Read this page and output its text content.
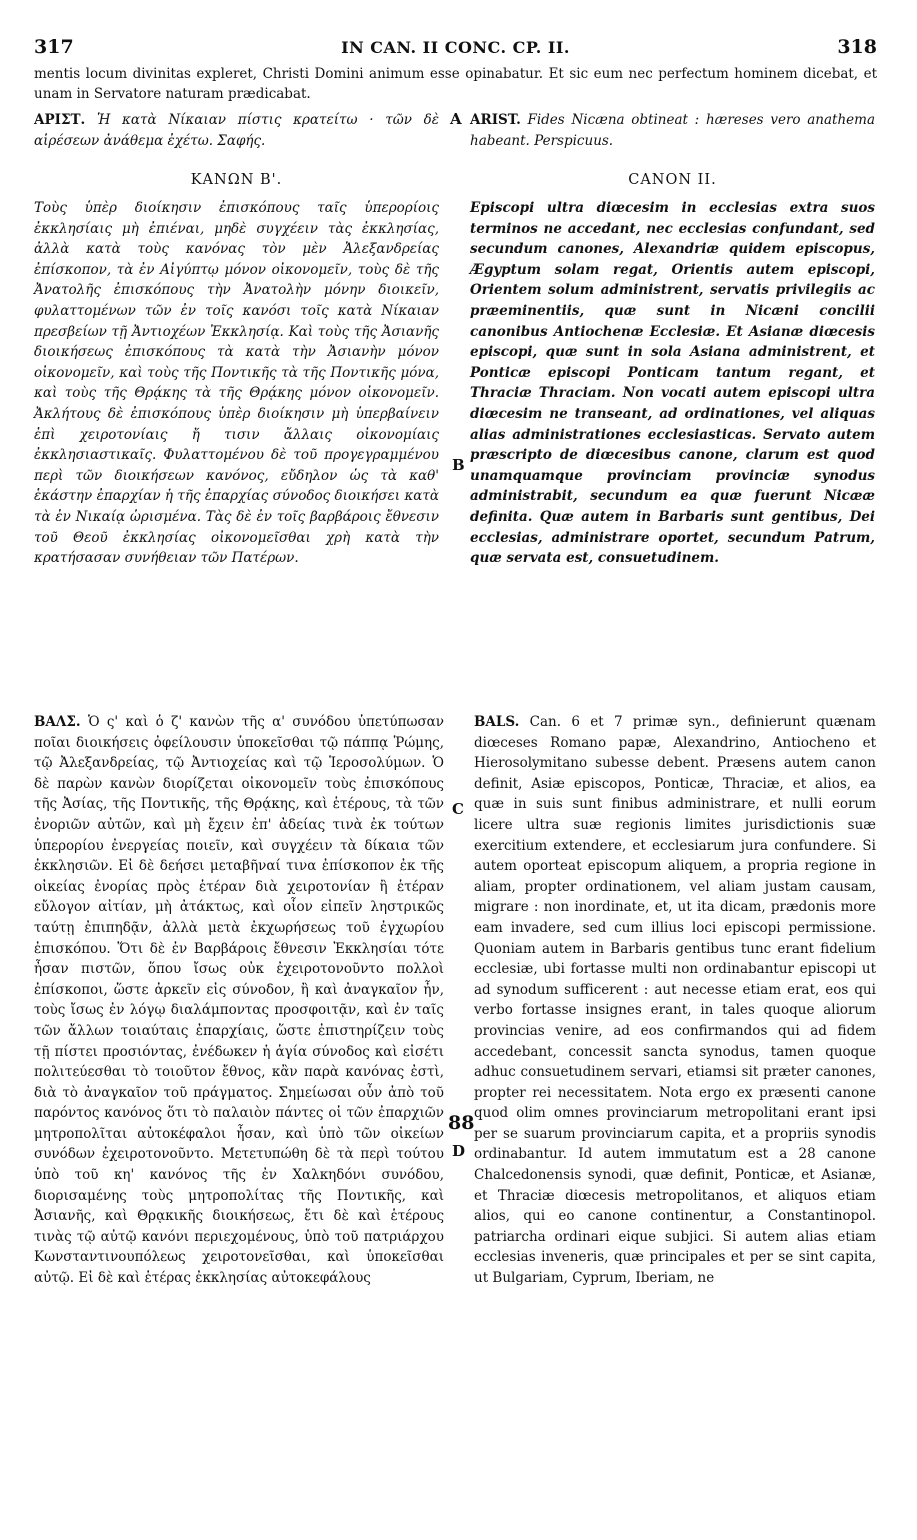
317	IN CAN. II CONC. CP. II.	318
mentis locum divinitas expleret, Christi Domini animum esse opinabatur. Et sic eum nec perfectum hominem dicebat, et unam in Servatore naturam prædicabat.
ΑΡΙΣΤ. Ἡ κατὰ Νίκαιαν πίστις κρατείτω · τῶν δὲ αἱρέσεων ἀνάθεμα ἐχέτω. Σαφής.
ARIST. Fides Nicæna obtineat : hæreses vero anathema habeant. Perspicuus.
ΚΑΝΩΝ Β'.	CANON II.
Τοὺς ὑπὲρ διοίκησιν ἐπισκόπους ταῖς ὑπερορίοις ἐκκλησίαις μὴ ἐπιέναι, μηδὲ συγχέειν τὰς ἐκκλησίας, ἀλλὰ κατὰ τοὺς κανόνας τὸν μὲν Ἀλεξανδρείας ἐπίσκοπον, τὰ ἐν Αἰγύπτῳ μόνον οἰκονομεῖν, τοὺς δὲ τῆς Ἀνατολῆς ἐπισκόπους τὴν Ἀνατολὴν μόνην διοικεῖν, φυλαττομένων τῶν ἐν τοῖς κανόσι τοῖς κατὰ Νίκαιαν πρεσβείων τῇ Ἀντιοχέων Ἐκκλησίᾳ. Καὶ τοὺς τῆς Ἀσιανῆς διοικήσεως ἐπισκόπους τὰ κατὰ τὴν Ἀσιανὴν μόνον οἰκονομεῖν, καὶ τοὺς τῆς Ποντικῆς τὰ τῆς Ποντικῆς μόνα, καὶ τοὺς τῆς Θρᾴκης τὰ τῆς Θρᾴκης μόνον οἰκονομεῖν. Ἀκλήτους δὲ ἐπισκόπους ὑπὲρ διοίκησιν μὴ ὑπερβαίνειν ἐπὶ χειροτονίαις ἤ τισιν ἄλλαις οἰκονομίαις ἐκκλησιαστικαῖς. Φυλαττομένου δὲ τοῦ προγεγραμμένου περὶ τῶν διοικήσεων κανόνος, εὔδηλον ὡς τὰ καθ' ἑκάστην ἐπαρχίαν ἡ τῆς ἐπαρχίας σύνοδος διοικήσει κατὰ τὰ ἐν Νικαίᾳ ὡρισμένα. Τὰς δὲ ἐν τοῖς βαρβάροις ἔθνεσιν τοῦ Θεοῦ ἐκκλησίας οἰκονομεῖσθαι χρὴ κατὰ τὴν κρατήσασαν συνήθειαν τῶν Πατέρων.
Episcopi ultra diœcesim in ecclesias extra suos terminos ne accedant, nec ecclesias confundant, sed secundum canones, Alexandriæ quidem episcopus, Ægyptum solam regat, Orientis autem episcopi, Orientem solum administrent, servatis privilegiis ac præeminentiis, quæ sunt in Nicæni concilii canonibus Antiochenæ Ecclesiæ. Et Asianæ diœcesis episcopi, quæ sunt in sola Asiana administrent, et Ponticæ episcopi Ponticam tantum regant, et Thraciæ Thraciam. Non vocati autem episcopi ultra diœcesim ne transeant, ad ordinationes, vel aliquas alias administrationes ecclesiasticas. Servato autem præscripto de diœcesibus canone, clarum est quod unamquamque provinciam provinciæ synodus administrabit, secundum ea quæ fuerunt Nicææ definita. Quæ autem in Barbaris sunt gentibus, Dei ecclesias, administrare oportet, secundum Patrum, quæ servata est, consuetudinem.
ΒΑΛΣ. Ὁ ς' καὶ ὁ ζ' κανὼν τῆς α' συνόδου ὑπετύπωσαν ποῖαι διοικήσεις ὀφείλουσιν ὑποκεῖσθαι τῷ πάππᾳ Ῥώμης, τῷ Ἀλεξανδρείας, τῷ Ἀντιοχείας καὶ τῷ Ἱεροσολύμων. Ὁ δὲ παρὼν κανὼν διορίζεται οἰκονομεῖν τοὺς ἐπισκόπους τῆς Ἀσίας, τῆς Ποντικῆς, τῆς Θρᾴκης, καὶ ἑτέρους, τὰ τῶν ἐνοριῶν αὐτῶν, καὶ μὴ ἔχειν ἐπ' ἀδείας τινὰ ἐκ τούτων ὑπερορίου ἐνεργείας ποιεῖν, καὶ συγχέειν τὰ δίκαια τῶν ἐκκλησιῶν. Εἰ δὲ δεήσει μεταβῆναί τινα ἐπίσκοπον ἐκ τῆς οἰκείας ἐνορίας πρὸς ἑτέραν διὰ χειροτονίαν ἢ ἑτέραν εὔλογον αἰτίαν, μὴ ἀτάκτως, καὶ οἷον εἰπεῖν ληστρικῶς ταύτῃ ἐπιπηδᾷν, ἀλλὰ μετὰ ἐκχωρήσεως τοῦ ἐγχωρίου ἐπισκόπου. Ὅτι δὲ ἐν Βαρβάροις ἔθνεσιν Ἐκκλησίαι τότε ἦσαν πιστῶν, ὅπου ἴσως οὐκ ἐχειροτονοῦντο πολλοὶ ἐπίσκοποι, ὥστε ἀρκεῖν εἰς σύνοδον, ἢ καὶ ἀναγκαῖον ἦν, τοὺς ἴσως ἐν λόγῳ διαλάμποντας προσφοιτᾷν, καὶ ἐν ταῖς τῶν ἄλλων τοιαύταις ἐπαρχίαις, ὥστε ἐπιστηρίζειν τοὺς τῇ πίστει προσιόντας, ἐνέδωκεν ἡ ἁγία σύνοδος καὶ εἰσέτι πολιτεύεσθαι τὸ τοιοῦτον ἔθνος, κἂν παρὰ κανόνας ἐστὶ, διὰ τὸ ἀναγκαῖον τοῦ πράγματος. Σημείωσαι οὖν ἀπὸ τοῦ παρόντος κανόνος ὅτι τὸ παλαιὸν πάντες οἱ τῶν ἐπαρχιῶν μητροπολῖται αὐτοκέφαλοι ἦσαν, καὶ ὑπὸ τῶν οἰκείων συνόδων ἐχειροτονοῦντο. Μετετυπώθη δὲ τὰ περὶ τούτου ὑπὸ τοῦ κη' κανόνος τῆς ἐν Χαλκηδόνι συνόδου, διορισαμένης τοὺς μητροπολίτας τῆς Ποντικῆς, καὶ Ἀσιανῆς, καὶ Θρᾳκικῆς διοικήσεως, ἔτι δὲ καὶ ἑτέρους τινὰς τῷ αὐτῷ κανόνι περιεχομένους, ὑπὸ τοῦ πατριάρχου Κωνσταντινουπόλεως χειροτονεῖσθαι, καὶ ὑποκεῖσθαι αὐτῷ. Εἰ δὲ καὶ ἑτέρας ἐκκλησίας αὐτοκεφάλους
BALS. Can. 6 et 7 primæ syn., definierunt quænam diœceses Romano papæ, Alexandrino, Antiocheno et Hierosolymitano subesse debent. Præsens autem canon definit, Asiæ episcopos, Ponticæ, Thraciæ, et alios, ea quæ in suis sunt finibus administrare, et nulli eorum licere ultra suæ regionis limites jurisdictionis suæ exercitium extendere, et ecclesiarum jura confundere. Si autem oporteat episcopum aliquem, a propria regione in aliam, propter ordinationem, vel aliam justam causam, migrare : non inordinate, et, ut ita dicam, prædonis more eam invadere, sed cum illius loci episcopi permissione. Quoniam autem in Barbaris gentibus tunc erant fidelium ecclesiæ, ubi fortasse multi non ordinabantur episcopi ut ad synodum sufficerent : aut necesse etiam erat, eos qui verbo fortasse insignes erant, in tales quoque aliorum provincias venire, ad eos confirmandos qui ad fidem accedebant, concessit sancta synodus, tamen quoque adhuc consuetudinem servari, etiamsi sit præter canones, propter rei necessitatem. Nota ergo ex præsenti canone quod olim omnes provinciarum metropolitani erant ipsi per se suarum provinciarum capita, et a propriis synodis ordinabantur. Id autem immutatum est a 28 canone Chalcedonensis synodi, quæ definit, Ponticæ, et Asianæ, et Thraciæ diœcesis metropolitanos, et aliquos etiam alios, qui eo canone continentur, a Constantinopol. patriarcha ordinari eique subjici. Si autem alias etiam ecclesias inveneris, quæ principales et per se sint capita, ut Bulgariam, Cyprum, Iberiam, ne
A
B
C
D
88
